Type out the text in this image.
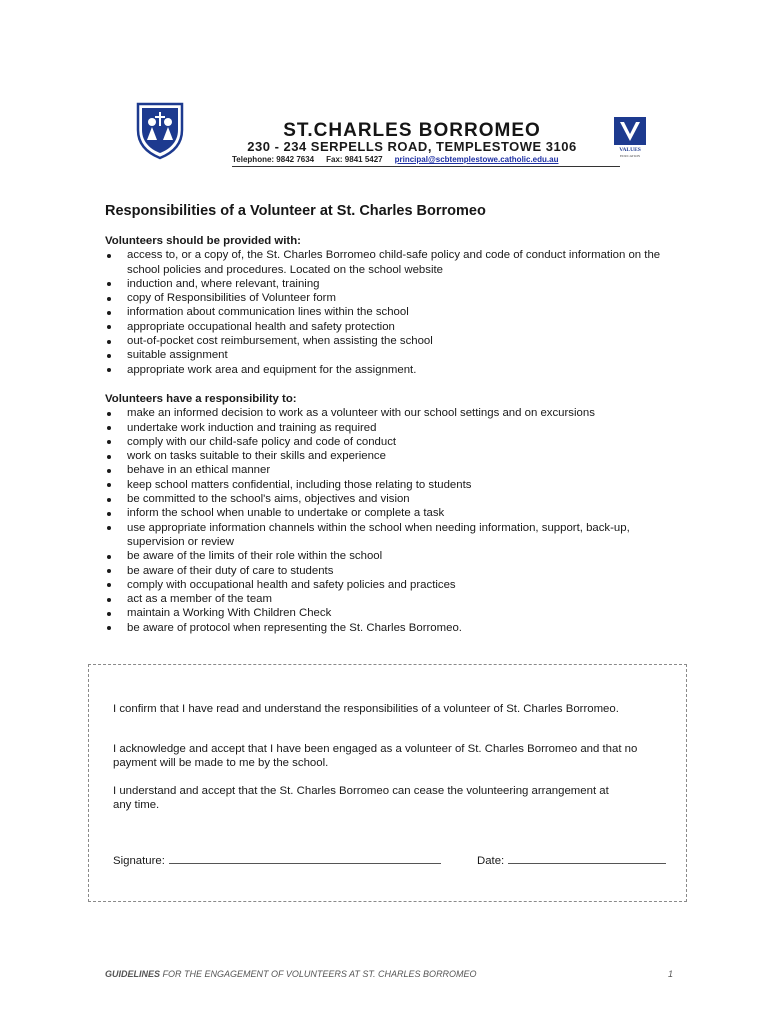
ST.CHARLES BORROMEO
230 - 234 SERPELLS ROAD, TEMPLESTOWE 3106
Telephone: 9842 7634 Fax: 9841 5427 principal@scbtemplestowe.catholic.edu.au
VALUES
EDUCATION
Responsibilities of a Volunteer at St. Charles Borromeo

Volunteers should be provided with:

access to, or a copy of, the St. Charles Borromeo child-safe policy and code of conduct information on the school policies and procedures. Located on the school website
induction and, where relevant, training
copy of Responsibilities of Volunteer form
information about communication lines within the school
appropriate occupational health and safety protection
out-of-pocket cost reimbursement, when assisting the school
suitable assignment
appropriate work area and equipment for the assignment.

Volunteers have a responsibility to:

make an informed decision to work as a volunteer with our school settings and on excursions
undertake work induction and training as required
comply with our child-safe policy and code of conduct
work on tasks suitable to their skills and experience
behave in an ethical manner
keep school matters confidential, including those relating to students
be committed to the school's aims, objectives and vision
inform the school when unable to undertake or complete a task
use appropriate information channels within the school when needing information, support, back-up, supervision or review
be aware of the limits of their role within the school
be aware of their duty of care to students
comply with occupational health and safety policies and practices
act as a member of the team
maintain a Working With Children Check
be aware of protocol when representing the St. Charles Borromeo.
I confirm that I have read and understand the responsibilities of a volunteer of St. Charles Borromeo.
I acknowledge and accept that I have been engaged as a volunteer of St. Charles Borromeo and that no payment will be made to me by the school.
I understand and accept that the St. Charles Borromeo can cease the volunteering arrangement at
any time.
Signature:	Date:
GUIDELINES FOR THE ENGAGEMENT OF VOLUNTEERS AT ST. CHARLES BORROMEO	1
